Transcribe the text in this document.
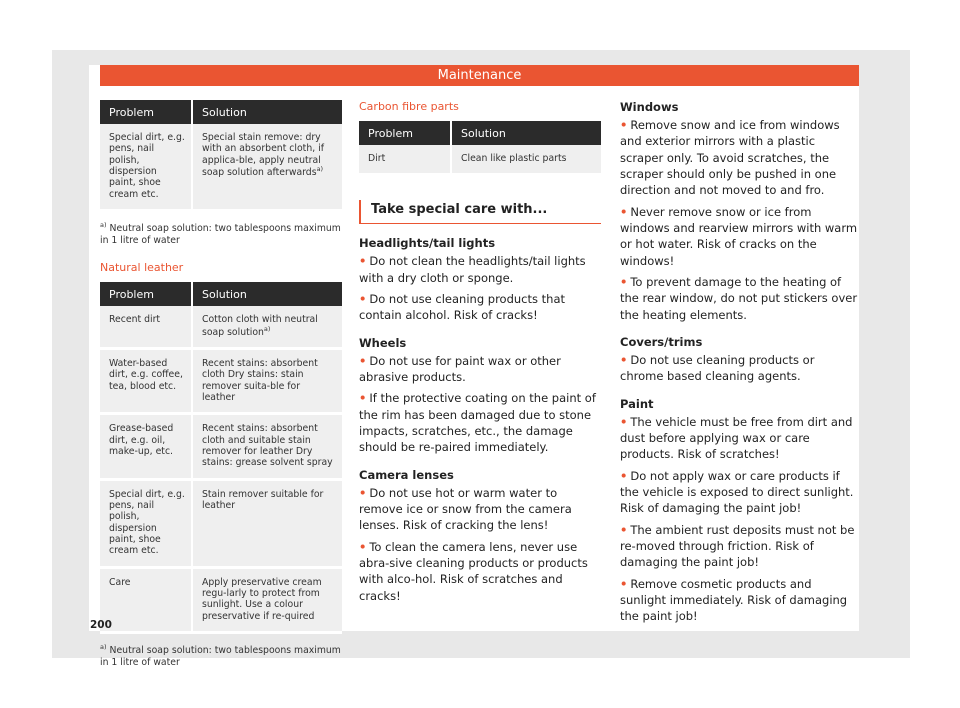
Maintenance
Problem	Solution
Special dirt, e.g. pens, nail polish, dispersion paint, shoe cream etc.	Special stain remove: dry with an absorbent cloth, if applica-ble, apply neutral soap solution afterwards$^{a)}$
$^{a)}$ Neutral soap solution: two tablespoons maximum in 1 litre of water
Natural leather
Problem	Solution
Recent dirt	Cotton cloth with neutral soap solution$^{a)}$
Water-based dirt, e.g. coffee, tea, blood etc.	Recent stains: absorbent cloth Dry stains: stain remover suita-ble for leather
Grease-based dirt, e.g. oil, make-up, etc.	Recent stains: absorbent cloth and suitable stain remover for leather Dry stains: grease solvent spray
Special dirt, e.g. pens, nail polish, dispersion paint, shoe cream etc.	Stain remover suitable for leather
Care	Apply preservative cream regu-larly to protect from sunlight. Use a colour preservative if re-quired
$^{a)}$ Neutral soap solution: two tablespoons maximum in 1 litre of water
Carbon fibre parts
Problem	Solution
Dirt	Clean like plastic parts
Take special care with...
Headlights/tail lights
• Do not clean the headlights/tail lights with a dry cloth or sponge.
• Do not use cleaning products that contain alcohol. Risk of cracks!
Wheels
• Do not use for paint wax or other abrasive products.
• If the protective coating on the paint of the rim has been damaged due to stone impacts, scratches, etc., the damage should be re-paired immediately.
Camera lenses
• Do not use hot or warm water to remove ice or snow from the camera lenses. Risk of cracking the lens!
• To clean the camera lens, never use abra-sive cleaning products or products with alco-hol. Risk of scratches and cracks!
Windows
• Remove snow and ice from windows and exterior mirrors with a plastic scraper only. To avoid scratches, the scraper should only be pushed in one direction and not moved to and fro.
• Never remove snow or ice from windows and rearview mirrors with warm or hot water. Risk of cracks on the windows!
• To prevent damage to the heating of the rear window, do not put stickers over the heating elements.
Covers/trims
• Do not use cleaning products or chrome based cleaning agents.
Paint
• The vehicle must be free from dirt and dust before applying wax or care products. Risk of scratches!
• Do not apply wax or care products if the vehicle is exposed to direct sunlight. Risk of damaging the paint job!
• The ambient rust deposits must not be re-moved through friction. Risk of damaging the paint job!
• Remove cosmetic products and sunlight immediately. Risk of damaging the paint job!
200
